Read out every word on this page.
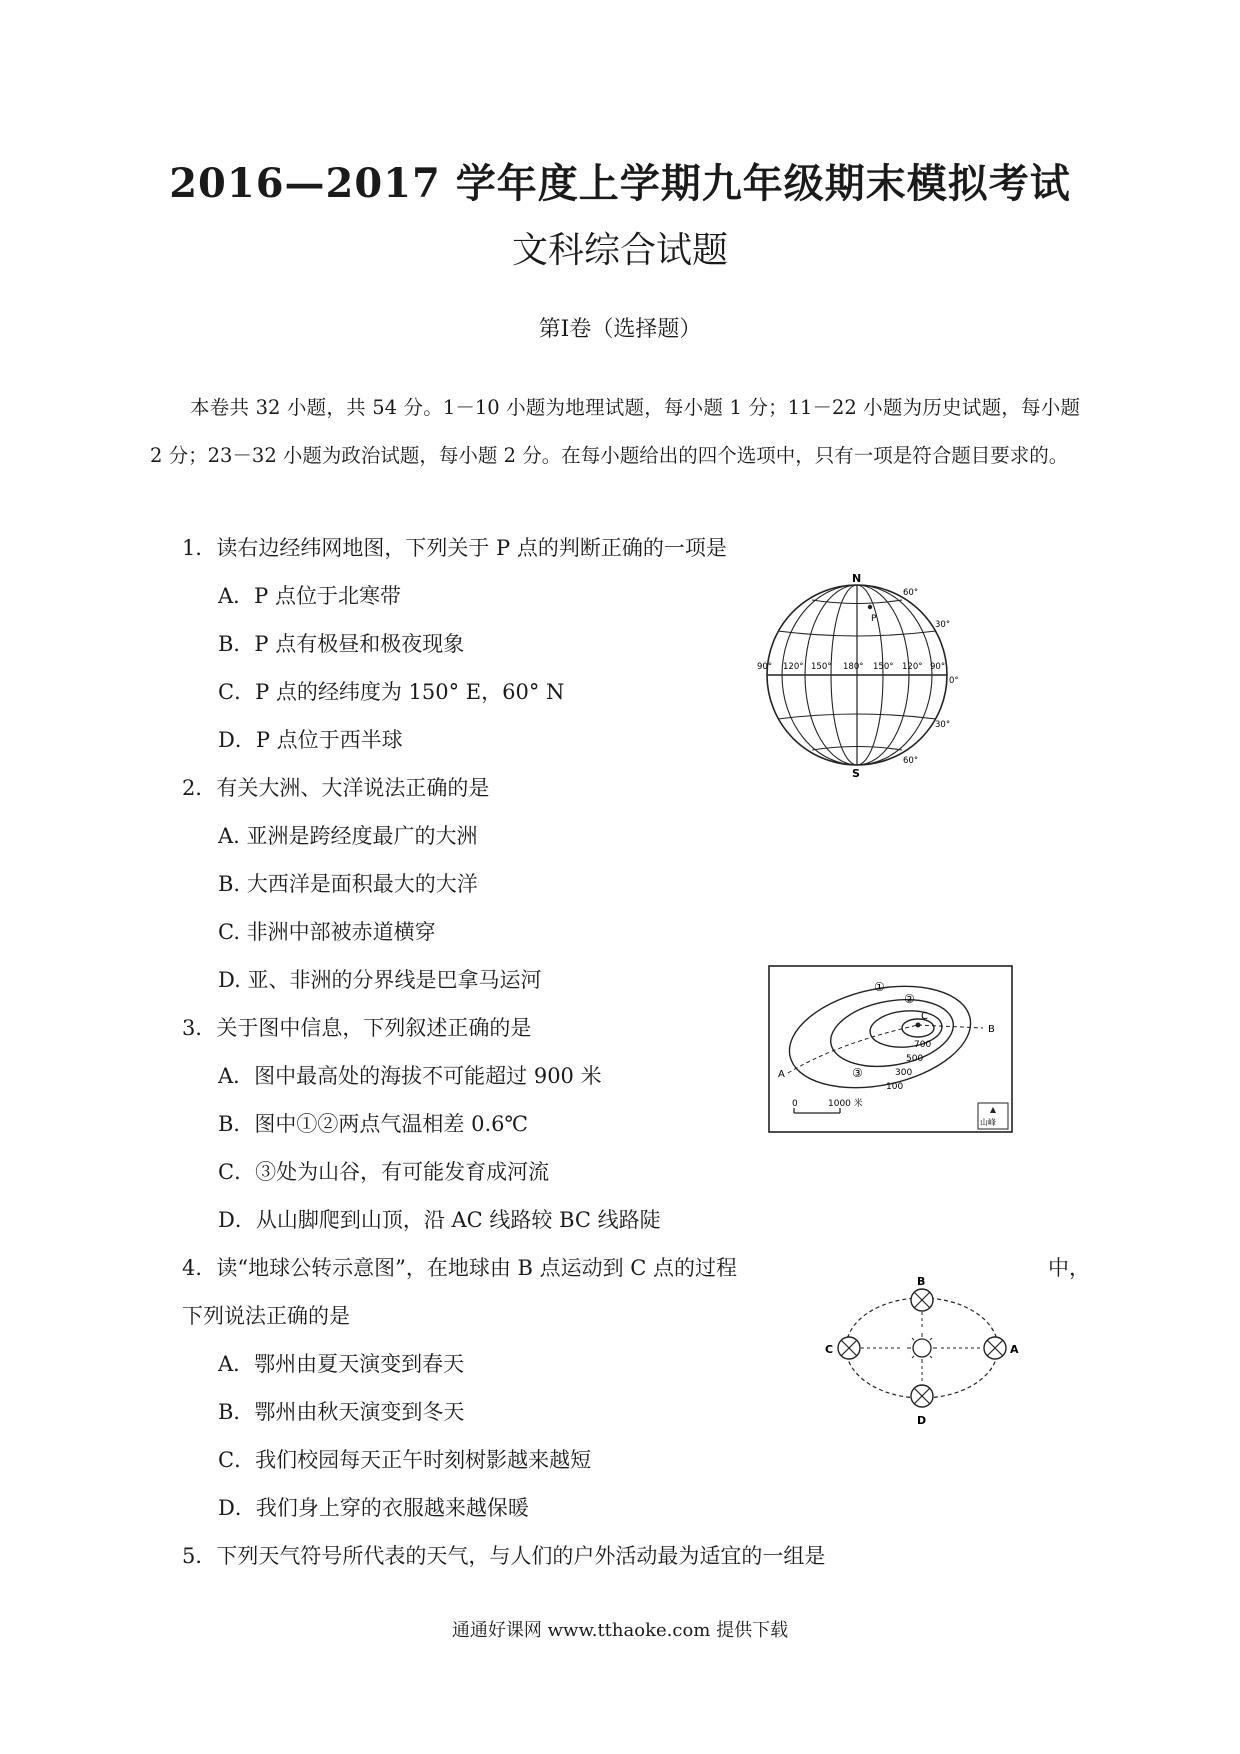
2016—2017 学年度上学期九年级期末模拟考试
文科综合试题
第Ⅰ卷（选择题）
本卷共 32 小题，共 54 分。1－10 小题为地理试题，每小题 1 分；11－22 小题为历史试题，每小题 2 分；23－32 小题为政治试题，每小题 2 分。在每小题给出的四个选项中，只有一项是符合题目要求的。
1．读右边经纬网地图，下列关于 P 点的判断正确的一项是
A．P 点位于北寒带
B．P 点有极昼和极夜现象
C．P 点的经纬度为 150° E，60° N
D．P 点位于西半球
2．有关大洲、大洋说法正确的是
A. 亚洲是跨经度最广的大洲
B. 大西洋是面积最大的大洋
C. 非洲中部被赤道横穿
D. 亚、非洲的分界线是巴拿马运河
3．关于图中信息，下列叙述正确的是
A．图中最高处的海拔不可能超过 900 米
B．图中①②两点气温相差 0.6℃
C．③处为山谷，有可能发育成河流
D．从山脚爬到山顶，沿 AC 线路较 BC 线路陡
4．读“地球公转示意图”，在地球由 B 点运动到 C 点的过程	中，
下列说法正确的是
A．鄂州由夏天演变到春天
B．鄂州由秋天演变到冬天
C．我们校园每天正午时刻树影越来越短
D．我们身上穿的衣服越来越保暖
5．下列天气符号所代表的天气，与人们的户外活动最为适宜的一组是
通通好课网 www.tthaoke.com 提供下载
P
N
S
90° 120° 150° 180° 150° 120° 90°
60°
30°
0°
30°
60°
C
A
B
①
②
③
700
500
300
100
0	1000 米
山峰
B
A
C
D
